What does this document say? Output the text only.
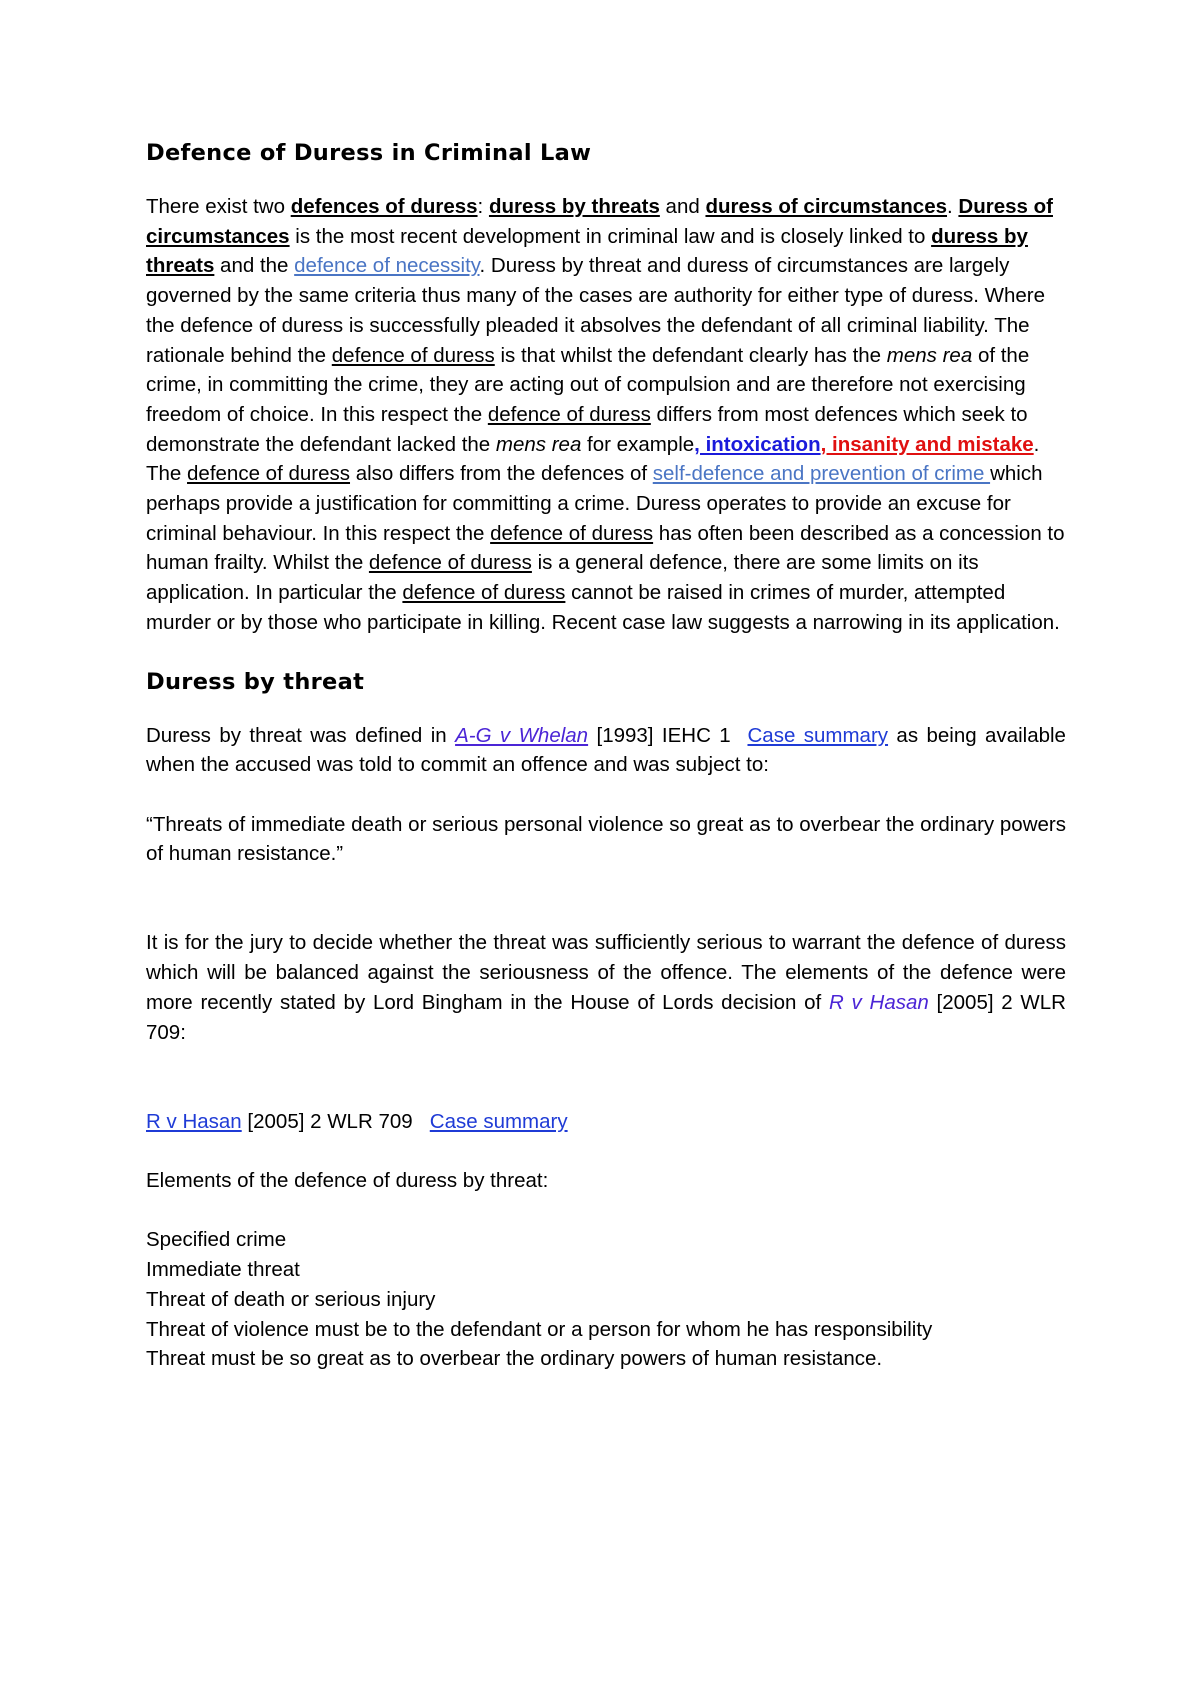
Defence of Duress in Criminal Law

There exist two defences of duress: duress by threats and duress of circumstances. Duress of circumstances is the most recent development in criminal law and is closely linked to duress by threats and the defence of necessity. Duress by threat and duress of circumstances are largely governed by the same criteria thus many of the cases are authority for either type of duress. Where the defence of duress is successfully pleaded it absolves the defendant of all criminal liability. The rationale behind the defence of duress is that whilst the defendant clearly has the mens rea of the crime, in committing the crime, they are acting out of compulsion and are therefore not exercising freedom of choice. In this respect the defence of duress differs from most defences which seek to demonstrate the defendant lacked the mens rea for example, intoxication, insanity and mistake. The defence of duress also differs from the defences of self-defence and prevention of crime which perhaps provide a justification for committing a crime. Duress operates to provide an excuse for criminal behaviour. In this respect the defence of duress has often been described as a concession to human frailty. Whilst the defence of duress is a general defence, there are some limits on its application. In particular the defence of duress cannot be raised in crimes of murder, attempted murder or by those who participate in killing. Recent case law suggests a narrowing in its application.

Duress by threat

Duress by threat was defined in A-G v Whelan [1993] IEHC 1  Case summary as being available when the accused was told to commit an offence and was subject to:

“Threats of immediate death or serious personal violence so great as to overbear the ordinary powers of human resistance.”

It is for the jury to decide whether the threat was sufficiently serious to warrant the defence of duress which will be balanced against the seriousness of the offence. The elements of the defence were more recently stated by Lord Bingham in the House of Lords decision of R v Hasan [2005] 2 WLR 709:

R v Hasan [2005] 2 WLR 709   Case summary

Elements of the defence of duress by threat:

Specified crime

Immediate threat

Threat of death or serious injury

Threat of violence must be to the defendant or a person for whom he has responsibility

Threat must be so great as to overbear the ordinary powers of human resistance.
